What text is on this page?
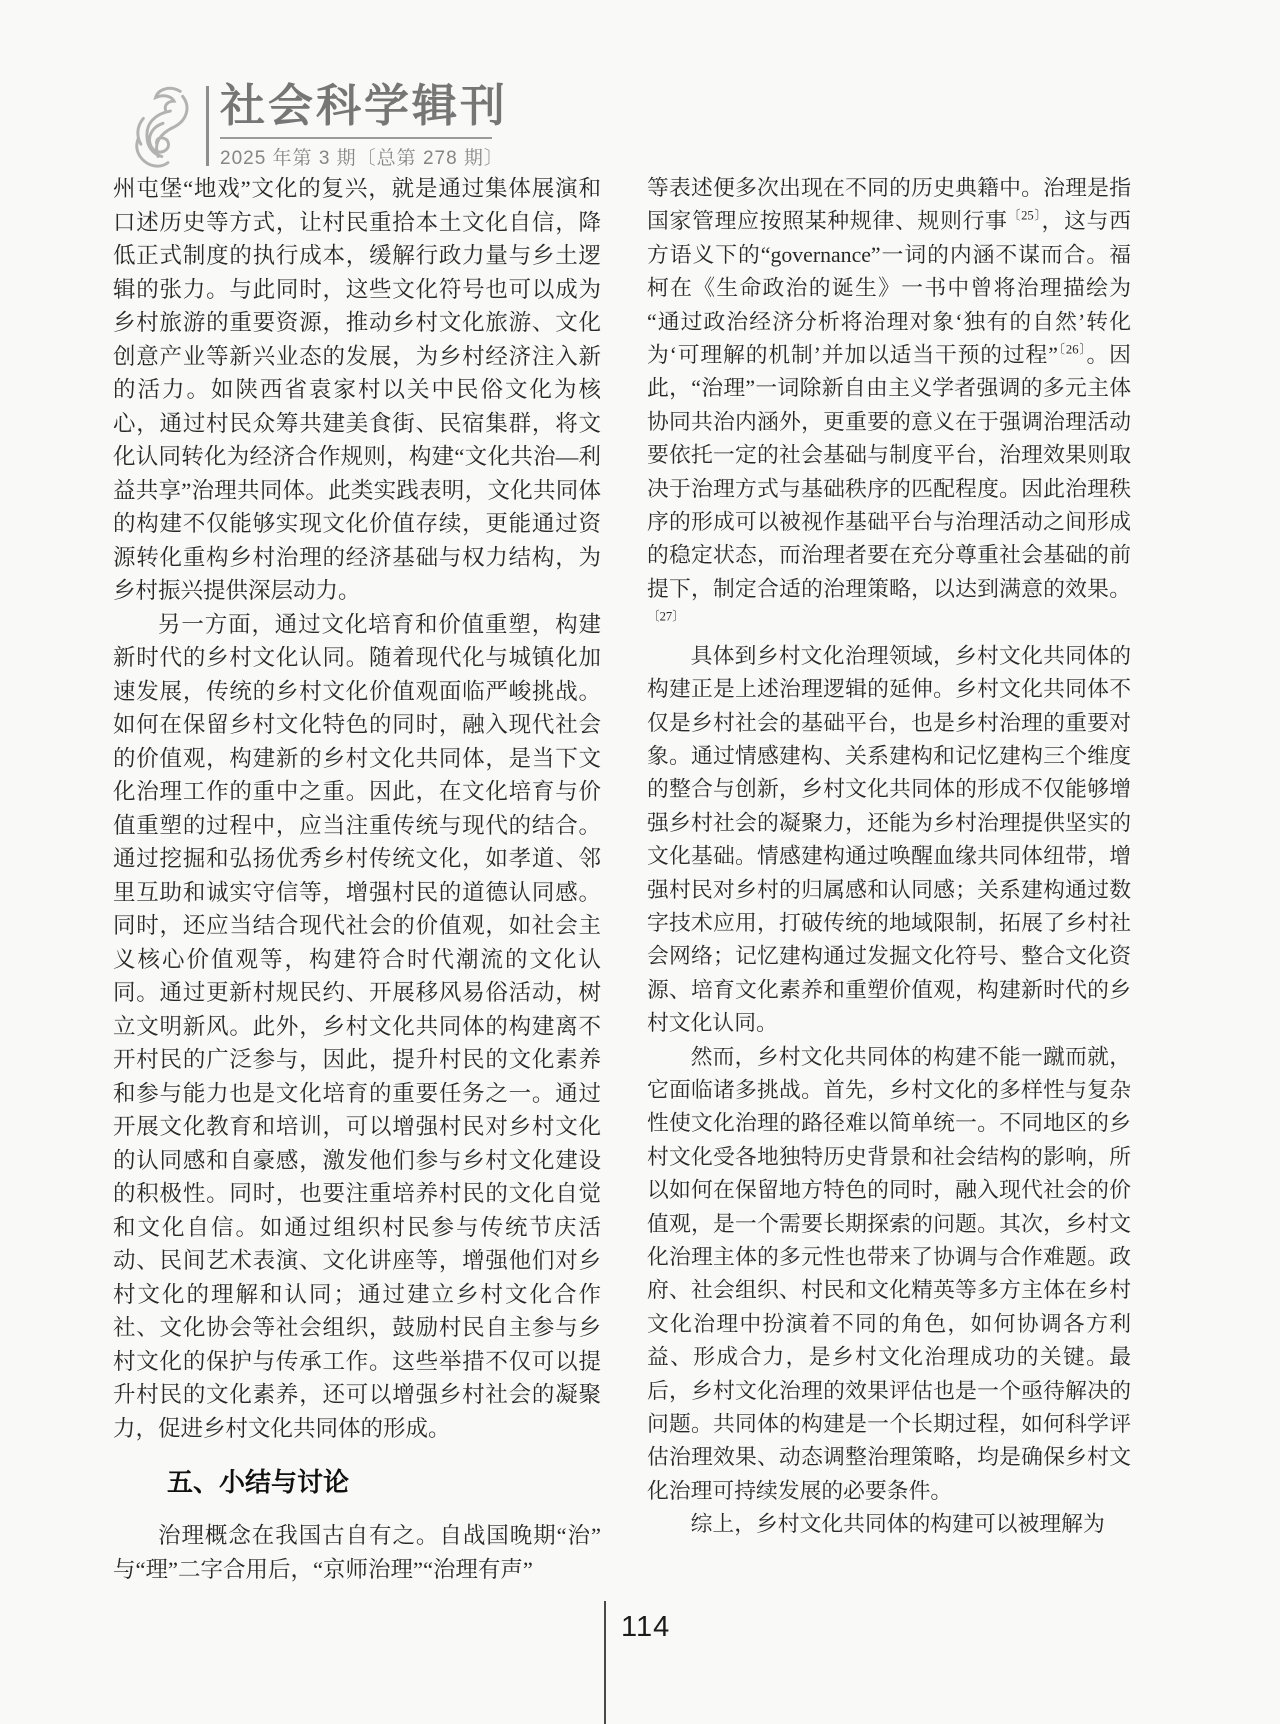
社会科学辑刊
2025 年第 3 期〔总第 278 期〕

州屯堡“地戏”文化的复兴，就是通过集体展演和口述历史等方式，让村民重拾本土文化自信，降低正式制度的执行成本，缓解行政力量与乡土逻辑的张力。与此同时，这些文化符号也可以成为乡村旅游的重要资源，推动乡村文化旅游、文化创意产业等新兴业态的发展，为乡村经济注入新的活力。如陕西省袁家村以关中民俗文化为核心，通过村民众筹共建美食街、民宿集群，将文化认同转化为经济合作规则，构建“文化共治—利益共享”治理共同体。此类实践表明，文化共同体的构建不仅能够实现文化价值存续，更能通过资源转化重构乡村治理的经济基础与权力结构，为乡村振兴提供深层动力。

另一方面，通过文化培育和价值重塑，构建新时代的乡村文化认同。随着现代化与城镇化加速发展，传统的乡村文化价值观面临严峻挑战。如何在保留乡村文化特色的同时，融入现代社会的价值观，构建新的乡村文化共同体，是当下文化治理工作的重中之重。因此，在文化培育与价值重塑的过程中，应当注重传统与现代的结合。通过挖掘和弘扬优秀乡村传统文化，如孝道、邻里互助和诚实守信等，增强村民的道德认同感。同时，还应当结合现代社会的价值观，如社会主义核心价值观等，构建符合时代潮流的文化认同。通过更新村规民约、开展移风易俗活动，树立文明新风。此外，乡村文化共同体的构建离不开村民的广泛参与，因此，提升村民的文化素养和参与能力也是文化培育的重要任务之一。通过开展文化教育和培训，可以增强村民对乡村文化的认同感和自豪感，激发他们参与乡村文化建设的积极性。同时，也要注重培养村民的文化自觉和文化自信。如通过组织村民参与传统节庆活动、民间艺术表演、文化讲座等，增强他们对乡村文化的理解和认同；通过建立乡村文化合作社、文化协会等社会组织，鼓励村民自主参与乡村文化的保护与传承工作。这些举措不仅可以提升村民的文化素养，还可以增强乡村社会的凝聚力，促进乡村文化共同体的形成。

五、小结与讨论

治理概念在我国古自有之。自战国晚期“治”与“理”二字合用后，“京师治理”“治理有声”

等表述便多次出现在不同的历史典籍中。治理是指国家管理应按照某种规律、规则行事$^{〔25〕}$，这与西方语义下的“governance”一词的内涵不谋而合。福柯在《生命政治的诞生》一书中曾将治理描绘为“通过政治经济分析将治理对象‘独有的自然’转化为‘可理解的机制’并加以适当干预的过程”$^{〔26〕}$。因此，“治理”一词除新自由主义学者强调的多元主体协同共治内涵外，更重要的意义在于强调治理活动要依托一定的社会基础与制度平台，治理效果则取决于治理方式与基础秩序的匹配程度。因此治理秩序的形成可以被视作基础平台与治理活动之间形成的稳定状态，而治理者要在充分尊重社会基础的前提下，制定合适的治理策略，以达到满意的效果。$^{〔27〕}$

具体到乡村文化治理领域，乡村文化共同体的构建正是上述治理逻辑的延伸。乡村文化共同体不仅是乡村社会的基础平台，也是乡村治理的重要对象。通过情感建构、关系建构和记忆建构三个维度的整合与创新，乡村文化共同体的形成不仅能够增强乡村社会的凝聚力，还能为乡村治理提供坚实的文化基础。情感建构通过唤醒血缘共同体纽带，增强村民对乡村的归属感和认同感；关系建构通过数字技术应用，打破传统的地域限制，拓展了乡村社会网络；记忆建构通过发掘文化符号、整合文化资源、培育文化素养和重塑价值观，构建新时代的乡村文化认同。

然而，乡村文化共同体的构建不能一蹴而就，它面临诸多挑战。首先，乡村文化的多样性与复杂性使文化治理的路径难以简单统一。不同地区的乡村文化受各地独特历史背景和社会结构的影响，所以如何在保留地方特色的同时，融入现代社会的价值观，是一个需要长期探索的问题。其次，乡村文化治理主体的多元性也带来了协调与合作难题。政府、社会组织、村民和文化精英等多方主体在乡村文化治理中扮演着不同的角色，如何协调各方利益、形成合力，是乡村文化治理成功的关键。最后，乡村文化治理的效果评估也是一个亟待解决的问题。共同体的构建是一个长期过程，如何科学评估治理效果、动态调整治理策略，均是确保乡村文化治理可持续发展的必要条件。

综上，乡村文化共同体的构建可以被理解为

114
